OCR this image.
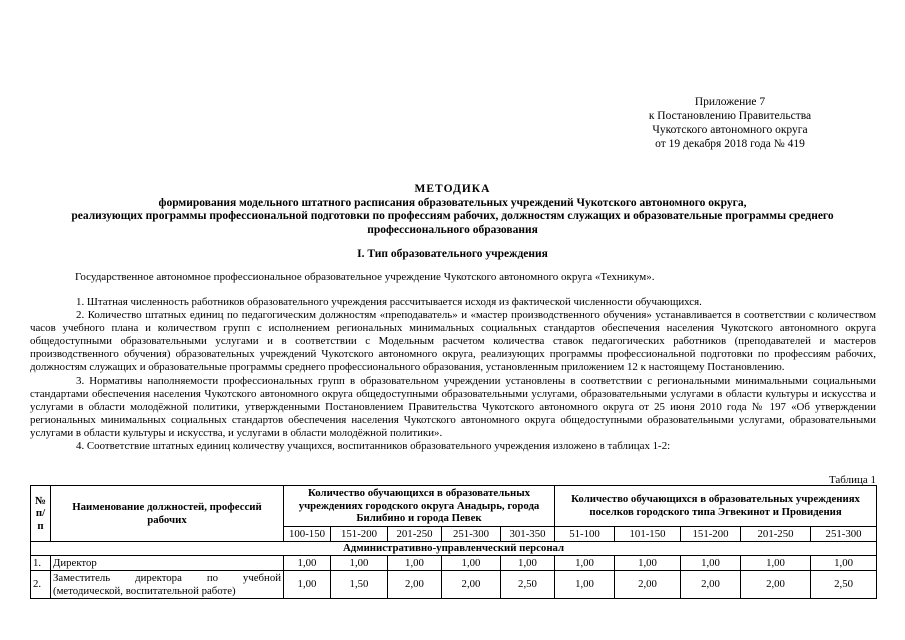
Приложение 7
к Постановлению Правительства
Чукотского автономного округа
от 19 декабря 2018 года № 419
МЕТОДИКА
формирования модельного штатного расписания образовательных учреждений Чукотского автономного округа,
реализующих программы профессиональной подготовки по профессиям рабочих, должностям служащих и образовательные программы среднего
профессионального образования
I. Тип образовательного учреждения
Государственное автономное профессиональное образовательное учреждение Чукотского автономного округа «Техникум».

1. Штатная численность работников образовательного учреждения рассчитывается исходя из фактической численности обучающихся.

2. Количество штатных единиц по педагогическим должностям «преподаватель» и «мастер производственного обучения» устанавливается в соответствии с количеством часов учебного плана и количеством групп с исполнением региональных минимальных социальных стандартов обеспечения населения Чукотского автономного округа общедоступными образовательными услугами и в соответствии с Модельным расчетом количества ставок педагогических работников (преподавателей и мастеров производственного обучения) образовательных учреждений Чукотского автономного округа, реализующих программы профессиональной подготовки по профессиям рабочих, должностям служащих и образовательные программы среднего профессионального образования, установленным приложением 12 к настоящему Постановлению.

3. Нормативы наполняемости профессиональных групп в образовательном учреждении установлены в соответствии с региональными минимальными социальными стандартами обеспечения населения Чукотского автономного округа общедоступными образовательными услугами, образовательными услугами в области культуры и искусства и услугами в области молодёжной политики, утвержденными Постановлением Правительства Чукотского автономного округа от 25 июня 2010 года № 197 «Об утверждении региональных минимальных социальных стандартов обеспечения населения Чукотского автономного округа общедоступными образовательными услугами, образовательными услугами в области культуры и искусства, и услугами в области молодёжной политики».

4. Соответствие штатных единиц количеству учащихся, воспитанников образовательного учреждения изложено в таблицах 1-2:

Таблица 1
№ п/п	Наименование должностей, профессий рабочих	Количество обучающихся в образовательных учреждениях городского округа Анадырь, города Билибино и города Певек					Количество обучающихся в образовательных учреждениях поселков городского типа Эгвекинот и Провидения				
		100-150	151-200	201-250	251-300	301-350	51-100	101-150	151-200	201-250	251-300
Административно-управленческий персонал											
1.	Директор	1,00	1,00	1,00	1,00	1,00	1,00	1,00	1,00	1,00	1,00
2.	Заместитель директора по учебной (методической, воспитательной работе)	1,00	1,50	2,00	2,00	2,50	1,00	2,00	2,00	2,00	2,50
